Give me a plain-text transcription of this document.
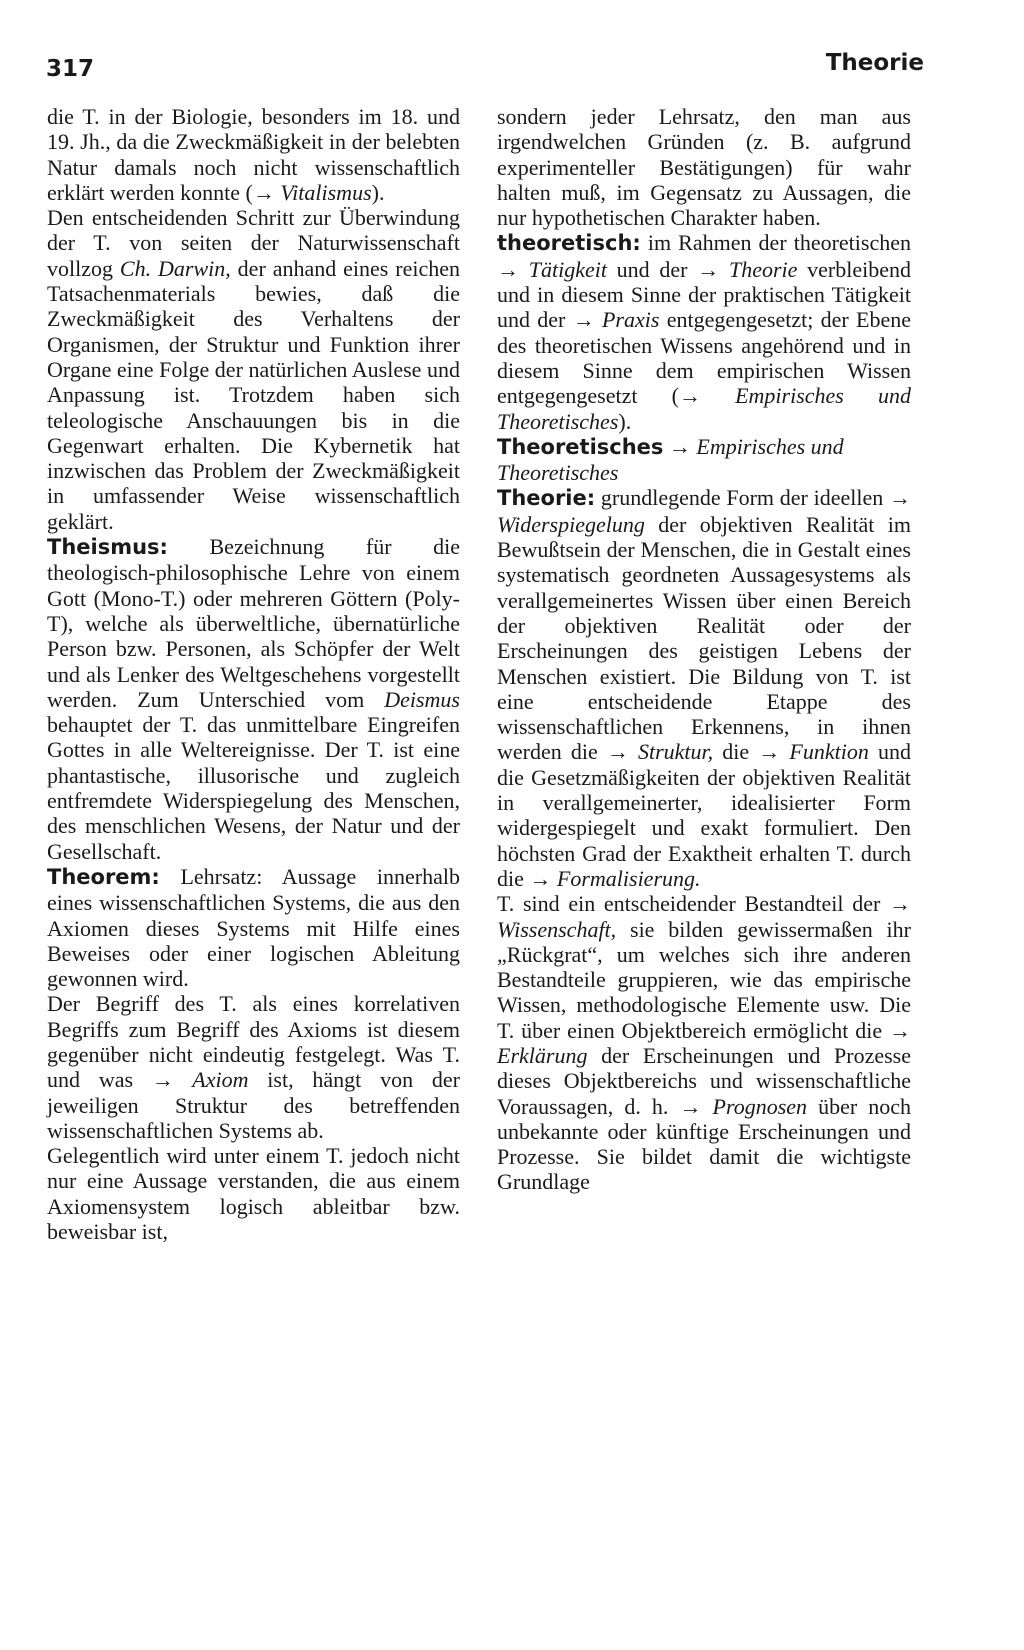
317	Theorie

die T. in der Biologie, besonders im 18. und 19. Jh., da die Zweckmäßigkeit in der belebten Natur damals noch nicht wissenschaftlich erklärt werden konnte (→ Vitalismus).

Den entscheidenden Schritt zur Überwindung der T. von seiten der Naturwissenschaft vollzog Ch. Darwin, der anhand eines reichen Tatsachenmaterials bewies, daß die Zweckmäßigkeit des Verhaltens der Organismen, der Struktur und Funktion ihrer Organe eine Folge der natürlichen Auslese und Anpassung ist. Trotzdem haben sich teleologische Anschauungen bis in die Gegenwart erhalten. Die Kybernetik hat inzwischen das Problem der Zweckmäßigkeit in umfassender Weise wissenschaftlich geklärt.

Theismus: Bezeichnung für die theologisch-philosophische Lehre von einem Gott (Mono-T.) oder mehreren Göttern (Poly-T), welche als überweltliche, übernatürliche Person bzw. Personen, als Schöpfer der Welt und als Lenker des Weltgeschehens vorgestellt werden. Zum Unterschied vom Deismus behauptet der T. das unmittelbare Eingreifen Gottes in alle Weltereignisse. Der T. ist eine phantastische, illusorische und zugleich entfremdete Widerspiegelung des Menschen, des menschlichen Wesens, der Natur und der Gesellschaft.

Theorem: Lehrsatz: Aussage innerhalb eines wissenschaftlichen Systems, die aus den Axiomen dieses Systems mit Hilfe eines Beweises oder einer logischen Ableitung gewonnen wird.

Der Begriff des T. als eines korrelativen Begriffs zum Begriff des Axioms ist diesem gegenüber nicht eindeutig festgelegt. Was T. und was → Axiom ist, hängt von der jeweiligen Struktur des betreffenden wissenschaftlichen Systems ab.

Gelegentlich wird unter einem T. jedoch nicht nur eine Aussage verstanden, die aus einem Axiomensystem logisch ableitbar bzw. beweisbar ist,

sondern jeder Lehrsatz, den man aus irgendwelchen Gründen (z. B. aufgrund experimenteller Bestätigungen) für wahr halten muß, im Gegensatz zu Aussagen, die nur hypothetischen Charakter haben.

theoretisch: im Rahmen der theoretischen → Tätigkeit und der → Theorie verbleibend und in diesem Sinne der praktischen Tätigkeit und der → Praxis entgegengesetzt; der Ebene des theoretischen Wissens angehörend und in diesem Sinne dem empirischen Wissen entgegengesetzt (→ Empirisches und Theoretisches).

Theoretisches → Empirisches und Theoretisches

Theorie: grundlegende Form der ideellen → Widerspiegelung der objektiven Realität im Bewußtsein der Menschen, die in Gestalt eines systematisch geordneten Aussagesystems als verallgemeinertes Wissen über einen Bereich der objektiven Realität oder der Erscheinungen des geistigen Lebens der Menschen existiert. Die Bildung von T. ist eine entscheidende Etappe des wissenschaftlichen Erkennens, in ihnen werden die → Struktur, die → Funktion und die Gesetzmäßigkeiten der objektiven Realität in verallgemeinerter, idealisierter Form widergespiegelt und exakt formuliert. Den höchsten Grad der Exaktheit erhalten T. durch die → Formalisierung.

T. sind ein entscheidender Bestandteil der → Wissenschaft, sie bilden gewissermaßen ihr „Rückgrat“, um welches sich ihre anderen Bestandteile gruppieren, wie das empirische Wissen, methodologische Elemente usw. Die T. über einen Objektbereich ermöglicht die → Erklärung der Erscheinungen und Prozesse dieses Objektbereichs und wissenschaftliche Voraussagen, d. h. → Prognosen über noch unbekannte oder künftige Erscheinungen und Prozesse. Sie bildet damit die wichtigste Grundlage
